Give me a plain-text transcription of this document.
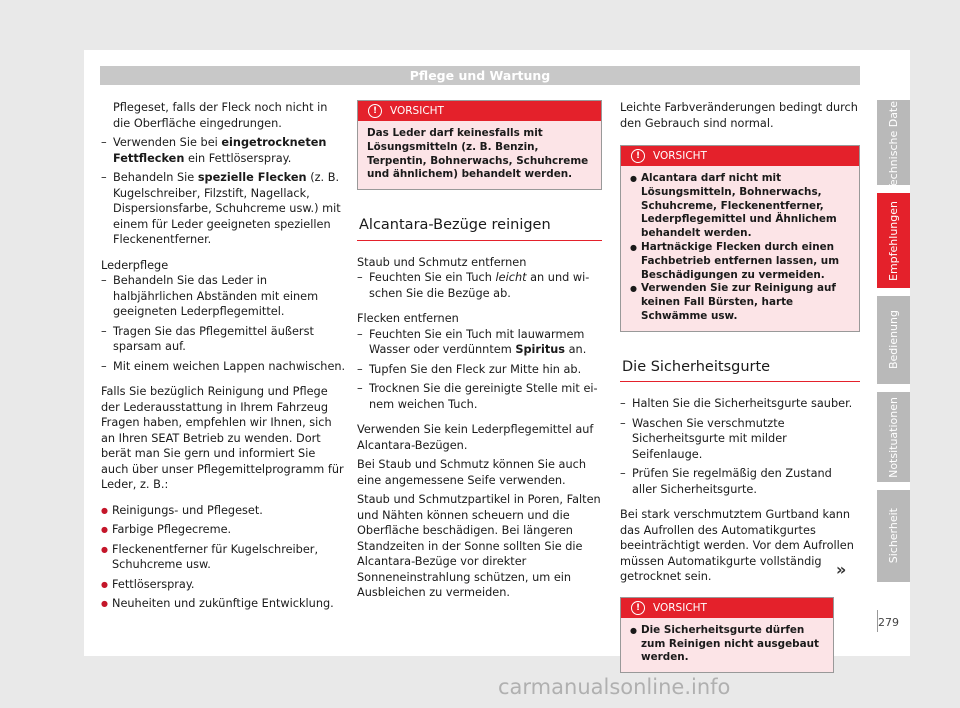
Pflege und Wartung

Pflegeset, falls der Fleck noch nicht in die Oberfläche eingedrungen.

– Verwenden Sie bei eingetrockneten Fettflecken ein Fettlöserspray.

– Behandeln Sie spezielle Flecken (z. B. Kugelschreiber, Filzstift, Nagellack, Dispersionsfarbe, Schuhcreme usw.) mit einem für Leder geeigneten speziellen Fleckenentferner.

Lederpflege

– Behandeln Sie das Leder in halbjährlichen Abständen mit einem geeigneten Lederpflegemittel.

– Tragen Sie das Pflegemittel äußerst sparsam auf.

– Mit einem weichen Lappen nachwischen.

Falls Sie bezüglich Reinigung und Pflege der Lederausstattung in Ihrem Fahrzeug Fragen haben, empfehlen wir Ihnen, sich an Ihren SEAT Betrieb zu wenden. Dort berät man Sie gern und informiert Sie auch über unser Pflegemittelprogramm für Leder, z. B.:

● Reinigungs- und Pflegeset.

● Farbige Pflegecreme.

● Fleckenentferner für Kugelschreiber, Schuhcreme usw.

● Fettlöserspray.

● Neuheiten und zukünftige Entwicklung.

!	VORSICHT
Das Leder darf keinesfalls mit Lösungsmitteln (z. B. Benzin, Terpentin, Bohnerwachs, Schuhcreme und ähnlichem) behandelt werden.
Alcantara-Bezüge reinigen

Staub und Schmutz entfernen

– Feuchten Sie ein Tuch leicht an und wischen Sie die Bezüge ab.

Flecken entfernen

– Feuchten Sie ein Tuch mit lauwarmem Wasser oder verdünntem Spiritus an.

– Tupfen Sie den Fleck zur Mitte hin ab.

– Trocknen Sie die gereinigte Stelle mit einem weichen Tuch.

Verwenden Sie kein Lederpflegemittel auf Alcantara-Bezügen.

Bei Staub und Schmutz können Sie auch eine angemessene Seife verwenden.

Staub und Schmutzpartikel in Poren, Falten und Nähten können scheuern und die Oberfläche beschädigen. Bei längeren Standzeiten in der Sonne sollten Sie die Alcantara-Bezüge vor direkter Sonneneinstrahlung schützen, um ein Ausbleichen zu vermeiden.

Leichte Farbveränderungen bedingt durch den Gebrauch sind normal.

!	VORSICHT

● Alcantara darf nicht mit Lösungsmitteln, Bohnerwachs, Schuhcreme, Fleckenentferner, Lederpflegemittel und Ähnlichem behandelt werden.

● Hartnäckige Flecken durch einen Fachbetrieb entfernen lassen, um Beschädigungen zu vermeiden.

● Verwenden Sie zur Reinigung auf keinen Fall Bürsten, harte Schwämme usw.

Die Sicherheitsgurte

– Halten Sie die Sicherheitsgurte sauber.

– Waschen Sie verschmutzte Sicherheitsgurte mit milder Seifenlauge.

– Prüfen Sie regelmäßig den Zustand aller Sicherheitsgurte.

Bei stark verschmutztem Gurtband kann das Aufrollen des Automatikgurtes beeinträchtigt werden. Vor dem Aufrollen müssen Automatikgurte vollständig getrocknet sein.

!	VORSICHT

● Die Sicherheitsgurte dürfen zum Reinigen nicht ausgebaut werden.

»
Technische Daten
Empfehlungen
Bedienung
Notsituationen
Sicherheit
279
carmanualsonline.info
